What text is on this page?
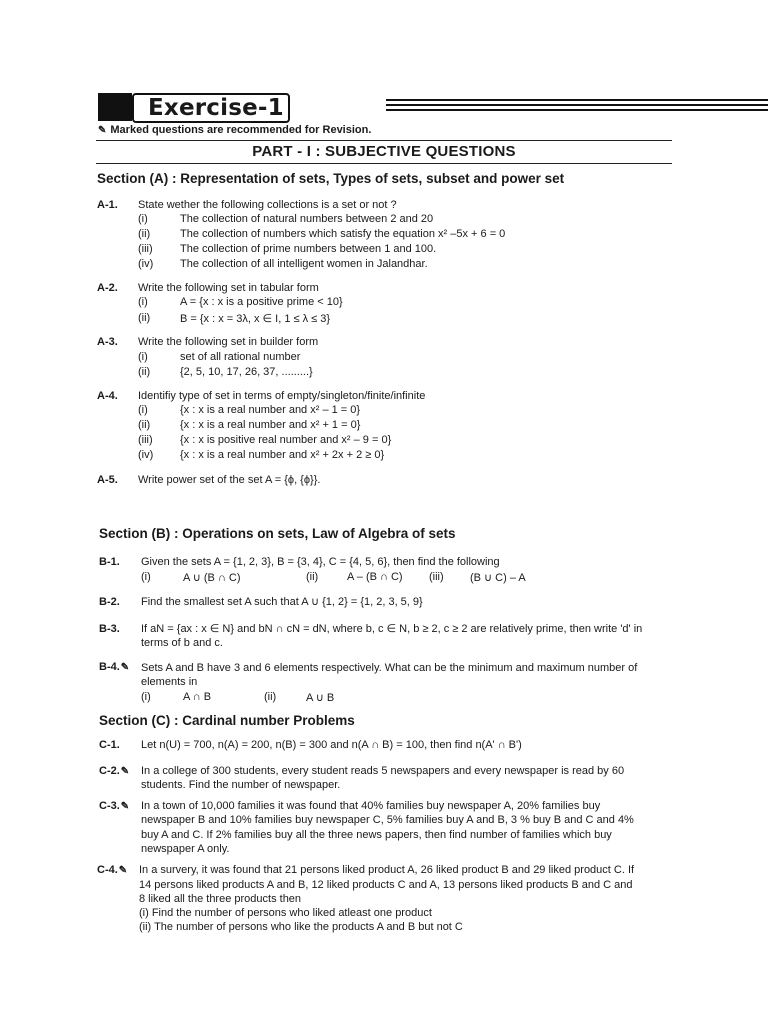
Exercise-1
✎ Marked questions are recommended for Revision.
PART - I : SUBJECTIVE QUESTIONS
Section (A) : Representation of sets, Types of sets, subset and power set
A-1. State wether the following collections is a set or not ?
(i)	The collection of natural numbers between 2 and 20
(ii)	The collection of numbers which satisfy the equation x² –5x + 6 = 0
(iii) The collection of prime numbers between 1 and 100.
(iv) The collection of all intelligent women in Jalandhar.
A-2. Write the following set in tabular form
(i)	A = {x : x is a positive prime < 10}
(ii)	B = {x : x = 3λ, x ∈ I, 1 ≤ λ ≤ 3}
A-3. Write the following set in builder form
(i)	set of all rational number
(ii)	{2, 5, 10, 17, 26, 37, .........}
A-4. Identifiy type of set in terms of empty/singleton/finite/infinite
(i)	{x : x is a real number and x² – 1 = 0}
(ii)	{x : x is a real number and x² + 1 = 0}
(iii) {x : x is positive real number and x² – 9 = 0}
(iv) {x : x is a real number and x² + 2x + 2 ≥ 0}
A-5. Write power set of the set A = {ϕ, {ϕ}}.
Section (B) : Operations on sets, Law of Algebra of sets
B-1. Given the sets A = {1, 2, 3}, B = {3, 4}, C = {4, 5, 6}, then find the following
(i)	A ∪ (B ∩ C)	(ii)	A – (B ∩ C) (iii) (B ∪ C) – A
B-2. Find the smallest set A such that A ∪ {1, 2} = {1, 2, 3, 5, 9}
B-3. If aN = {ax : x ∈ N} and bN ∩ cN = dN, where b, c ∈ N, b ≥ 2, c ≥ 2 are relatively prime, then write 'd' in
terms of b and c.
B-4.✎ Sets A and B have 3 and 6 elements respectively. What can be the minimum and maximum number of
elements in
(i)	A ∩ B	(ii)	A ∪ B
Section (C) : Cardinal number Problems
C-1. Let n(U) = 700, n(A) = 200, n(B) = 300 and n(A ∩ B) = 100, then find n(A' ∩ B')
C-2.✎ In a college of 300 students, every student reads 5 newspapers and every newspaper is read by 60
students. Find the number of newspaper.
C-3.✎ In a town of 10,000 families it was found that 40% families buy newspaper A, 20% families buy
newspaper B and 10% families buy newspaper C, 5% families buy A and B, 3 % buy B and C and 4%
buy A and C. If 2% families buy all the three news papers, then find number of families which buy
newspaper A only.
C-4.✎ In a survery, it was found that 21 persons liked product A, 26 liked product B and 29 liked product C. If
14 persons liked products A and B, 12 liked products C and A, 13 persons liked products B and C and
8 liked all the three products then
(i) Find the number of persons who liked atleast one product
(ii) The number of persons who like the products A and B but not C
